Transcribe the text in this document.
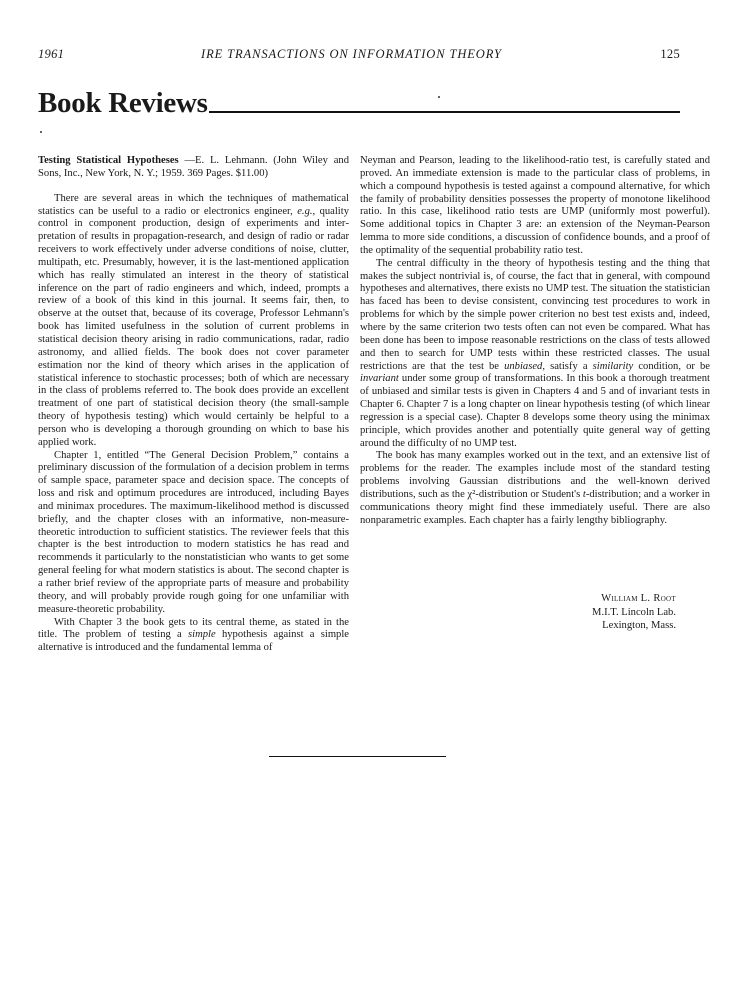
1961	IRE TRANSACTIONS ON INFORMATION THEORY	125
Book Reviews

Testing Statistical Hypotheses —E. L. Lehmann. (John Wiley and Sons, Inc., New York, N. Y.; 1959. 369 Pages. $11.00)

There are several areas in which the techniques of mathematical statistics can be useful to a radio or electronics engineer, e.g., quality control in component production, design of experiments and interpretation of results in propagation-research, and design of radio or radar receivers to work effectively under adverse conditions of noise, clutter, multipath, etc. Presumably, however, it is the last-mentioned application which has really stimulated an interest in the theory of statistical inference on the part of radio engineers and which, indeed, prompts a review of a book of this kind in this journal. It seems fair, then, to observe at the outset that, because of its coverage, Professor Lehmann's book has limited usefulness in the solution of current problems in statistical decision theory arising in radio communications, radar, radio astronomy, and allied fields. The book does not cover parameter estimation nor the kind of theory which arises in the application of statistical inference to stochastic processes; both of which are necessary in the class of problems referred to. The book does provide an excellent treatment of one part of statistical decision theory (the small-sample theory of hypothesis testing) which would certainly be helpful to a person who is developing a thorough grounding on which to base his applied work.

Chapter 1, entitled “The General Decision Problem,” contains a preliminary discussion of the formulation of a decision problem in terms of sample space, parameter space and decision space. The concepts of loss and risk and optimum procedures are introduced, including Bayes and minimax procedures. The maximum-likelihood method is discussed briefly, and the chapter closes with an informative, non-measure-theoretic introduction to sufficient statistics. The reviewer feels that this chapter is the best introduction to modern statistics he has read and recommends it particularly to the nonstatistician who wants to get some general feeling for what modern statistics is about. The second chapter is a rather brief review of the appropriate parts of measure and probability theory, and will probably provide rough going for one unfamiliar with measure-theoretic probability.

With Chapter 3 the book gets to its central theme, as stated in the title. The problem of testing a simple hypothesis against a simple alternative is introduced and the fundamental lemma of

Neyman and Pearson, leading to the likelihood-ratio test, is carefully stated and proved. An immediate extension is made to the particular class of problems, in which a compound hypothesis is tested against a compound alternative, for which the family of probability densities possesses the property of monotone likelihood ratio. In this case, likelihood ratio tests are UMP (uniformly most powerful). Some additional topics in Chapter 3 are: an extension of the Neyman-Pearson lemma to more side conditions, a discussion of confidence bounds, and a proof of the optimality of the sequential probability ratio test.

The central difficulty in the theory of hypothesis testing and the thing that makes the subject nontrivial is, of course, the fact that in general, with compound hypotheses and alternatives, there exists no UMP test. The situation the statistician has faced has been to devise consistent, convincing test procedures to work in problems for which by the simple power criterion no best test exists and, indeed, where by the same criterion two tests often can not even be compared. What has been done has been to impose reasonable restrictions on the class of tests allowed and then to search for UMP tests within these restricted classes. The usual restrictions are that the test be unbiased, satisfy a similarity condition, or be invariant under some group of transformations. In this book a thorough treatment of unbiased and similar tests is given in Chapters 4 and 5 and of invariant tests in Chapter 6. Chapter 7 is a long chapter on linear hypothesis testing (of which linear regression is a special case). Chapter 8 develops some theory using the minimax principle, which provides another and potentially quite general way of getting around the difficulty of no UMP test.

The book has many examples worked out in the text, and an extensive list of problems for the reader. The examples include most of the standard testing problems involving Gaussian distributions and the well-known derived distributions, such as the χ²-distribution or Student's t-distribution; and a worker in communications theory might find these immediately useful. There are also nonparametric examples. Each chapter has a fairly lengthy bibliography.

William L. Root
M.I.T. Lincoln Lab.
Lexington, Mass.
